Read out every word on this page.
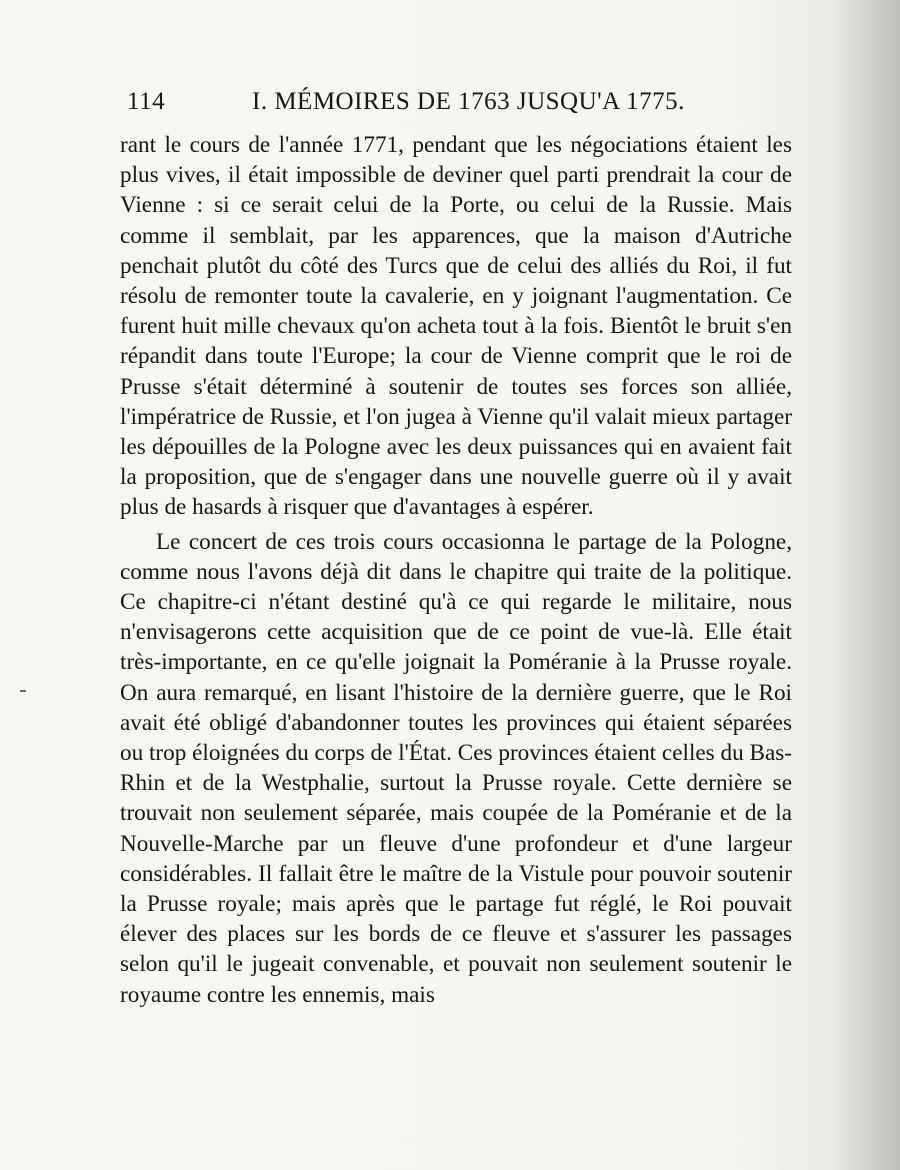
114	I. MÉMOIRES DE 1763 JUSQU'A 1775.

rant le cours de l'année 1771, pendant que les négociations étaient les plus vives, il était impossible de deviner quel parti prendrait la cour de Vienne : si ce serait celui de la Porte, ou celui de la Russie. Mais comme il semblait, par les apparences, que la maison d'Autriche penchait plutôt du côté des Turcs que de celui des alliés du Roi, il fut résolu de remonter toute la cavalerie, en y joignant l'augmentation. Ce furent huit mille chevaux qu'on acheta tout à la fois. Bientôt le bruit s'en répandit dans toute l'Europe; la cour de Vienne comprit que le roi de Prusse s'était déterminé à soutenir de toutes ses forces son alliée, l'impératrice de Russie, et l'on jugea à Vienne qu'il valait mieux partager les dépouilles de la Pologne avec les deux puissances qui en avaient fait la proposition, que de s'engager dans une nouvelle guerre où il y avait plus de hasards à risquer que d'avantages à espérer.

Le concert de ces trois cours occasionna le partage de la Pologne, comme nous l'avons déjà dit dans le chapitre qui traite de la politique. Ce chapitre-ci n'étant destiné qu'à ce qui regarde le militaire, nous n'envisagerons cette acquisition que de ce point de vue-là. Elle était très-importante, en ce qu'elle joignait la Poméranie à la Prusse royale. On aura remarqué, en lisant l'histoire de la dernière guerre, que le Roi avait été obligé d'abandonner toutes les provinces qui étaient séparées ou trop éloignées du corps de l'État. Ces provinces étaient celles du Bas-Rhin et de la Westphalie, surtout la Prusse royale. Cette dernière se trouvait non seulement séparée, mais coupée de la Poméranie et de la Nouvelle-Marche par un fleuve d'une profondeur et d'une largeur considérables. Il fallait être le maître de la Vistule pour pouvoir soutenir la Prusse royale; mais après que le partage fut réglé, le Roi pouvait élever des places sur les bords de ce fleuve et s'assurer les passages selon qu'il le jugeait convenable, et pouvait non seulement soutenir le royaume contre les ennemis, mais
